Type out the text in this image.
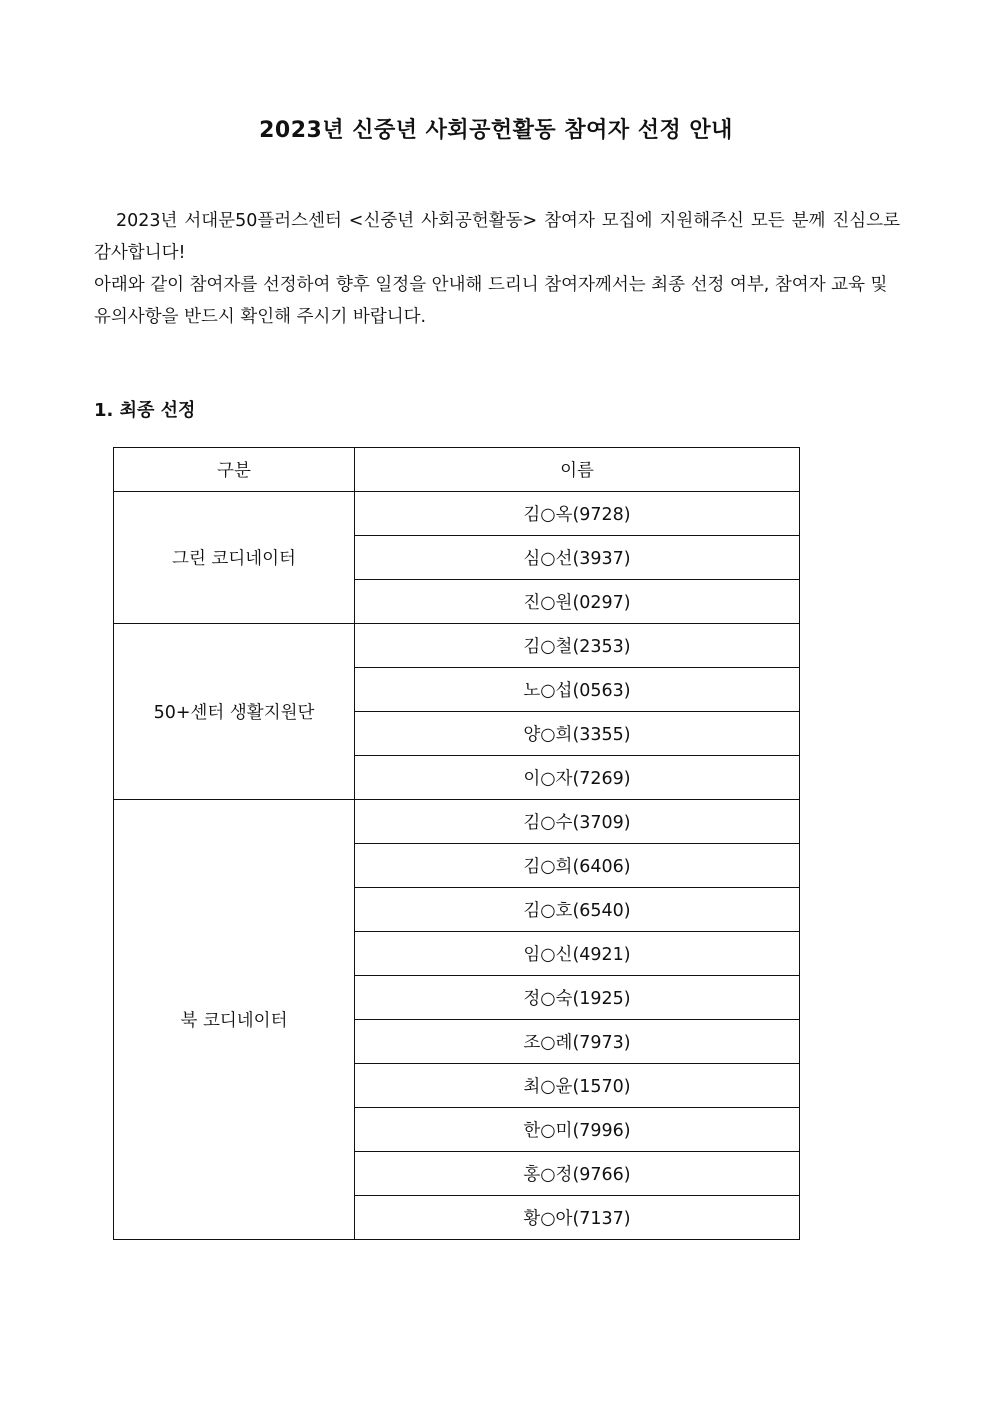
2023년 신중년 사회공헌활동 참여자 선정 안내

2023년 서대문50플러스센터 <신중년 사회공헌활동> 참여자 모집에 지원해주신 모든 분께 진심으로 감사합니다!

아래와 같이 참여자를 선정하여 향후 일정을 안내해 드리니 참여자께서는 최종 선정 여부, 참여자 교육 및 유의사항을 반드시 확인해 주시기 바랍니다.

1. 최종 선정
구분	이름
그린 코디네이터	김○옥(9728)
	심○선(3937)
	진○원(0297)
50+센터 생활지원단	김○철(2353)
	노○섭(0563)
	양○희(3355)
	이○자(7269)
북 코디네이터	김○수(3709)
	김○희(6406)
	김○호(6540)
	임○신(4921)
	정○숙(1925)
	조○례(7973)
	최○윤(1570)
	한○미(7996)
	홍○정(9766)
	황○아(7137)
